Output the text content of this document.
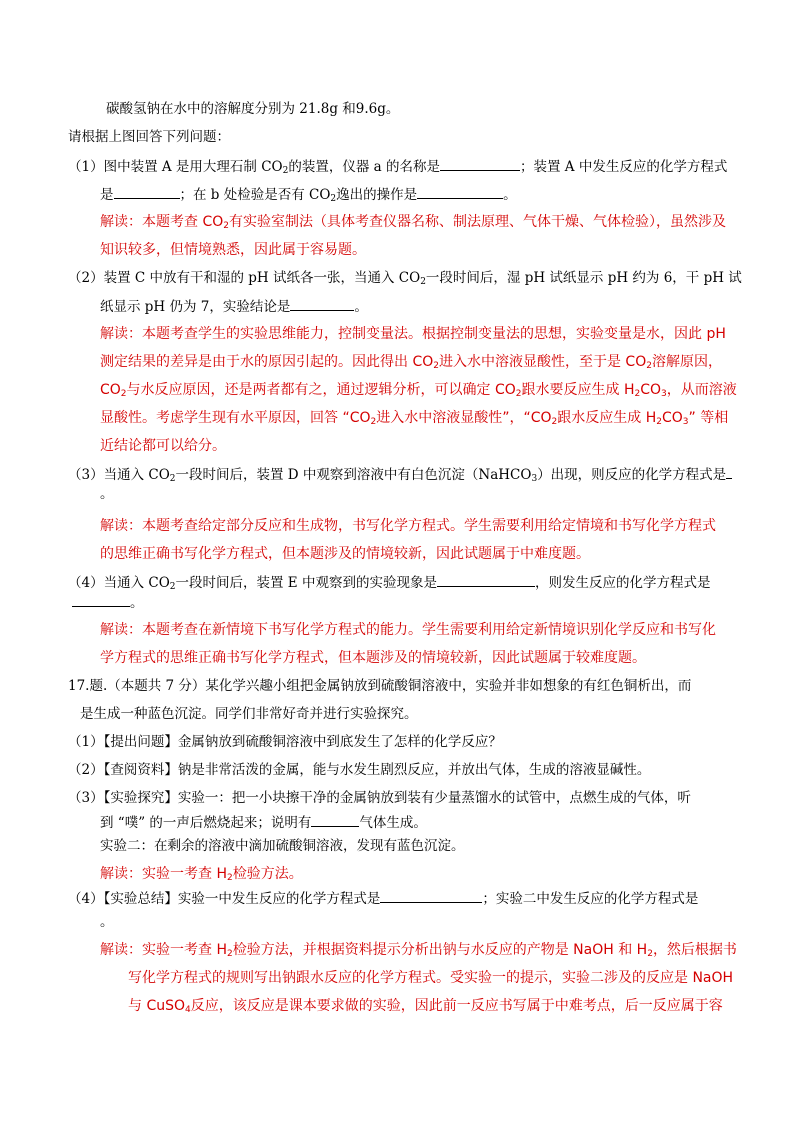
碳酸氢钠在水中的溶解度分别为 21.8g 和9.6g。
请根据上图回答下列问题：
（1）图中装置 A 是用大理石制 $CO_2$的装置，仪器 a 的名称是	；装置 A 中发生反应的化学方程式
是	；在 b 处检验是否有 $CO_2$逸出的操作是	。
解读：本题考查 $CO_2$有实验室制法（具体考查仪器名称、制法原理、气体干燥、气体检验），虽然涉及
知识较多，但情境熟悉，因此属于容易题。
（2）装置 C 中放有干和湿的 pH 试纸各一张，当通入 $CO_2$一段时间后，湿 pH 试纸显示 pH 约为 6，干 pH 试
纸显示 pH 仍为 7，实验结论是	。
解读：本题考查学生的实验思维能力，控制变量法。根据控制变量法的思想，实验变量是水，因此 pH
测定结果的差异是由于水的原因引起的。因此得出 $CO_2$进入水中溶液显酸性，至于是 $CO_2$溶解原因，
$CO_2$与水反应原因，还是两者都有之，通过逻辑分析，可以确定 $CO_2$跟水要反应生成 $H_2CO_3$，从而溶液
显酸性。考虑学生现有水平原因，回答 “$CO_2$进入水中溶液显酸性”，“$CO_2$跟水反应生成 $H_2CO_3$” 等相
近结论都可以给分。
（3）当通入 $CO_2$一段时间后，装置 D 中观察到溶液中有白色沉淀（NaHCO$_3$）出现，则反应的化学方程式是
。
解读：本题考查给定部分反应和生成物，书写化学方程式。学生需要利用给定情境和书写化学方程式
的思维正确书写化学方程式，但本题涉及的情境较新，因此试题属于中难度题。
（4）当通入 $CO_2$一段时间后，装置 E 中观察到的实验现象是	，则发生反应的化学方程式是
。
解读：本题考查在新情境下书写化学方程式的能力。学生需要利用给定新情境识别化学反应和书写化
学方程式的思维正确书写化学方程式，但本题涉及的情境较新，因此试题属于较难度题。
17.题.（本题共 7 分）某化学兴趣小组把金属钠放到硫酸铜溶液中，实验并非如想象的有红色铜析出，而
是生成一种蓝色沉淀。同学们非常好奇并进行实验探究。
（1）【提出问题】金属钠放到硫酸铜溶液中到底发生了怎样的化学反应？
（2）【查阅资料】钠是非常活泼的金属，能与水发生剧烈反应，并放出气体，生成的溶液显碱性。
（3）【实验探究】实验一：把一小块擦干净的金属钠放到装有少量蒸馏水的试管中，点燃生成的气体，听
到 “噗” 的一声后燃烧起来；说明有	气体生成。
实验二：在剩余的溶液中滴加硫酸铜溶液，发现有蓝色沉淀。
解读：实验一考查 $H_2$检验方法。
（4）【实验总结】实验一中发生反应的化学方程式是	；实验二中发生反应的化学方程式是
。
解读：实验一考查 $H_2$检验方法，并根据资料提示分析出钠与水反应的产物是 NaOH 和 $H_2$，然后根据书
写化学方程式的规则写出钠跟水反应的化学方程式。受实验一的提示，实验二涉及的反应是 NaOH
与 CuSO$_4$反应，该反应是课本要求做的实验，因此前一反应书写属于中难考点，后一反应属于容
